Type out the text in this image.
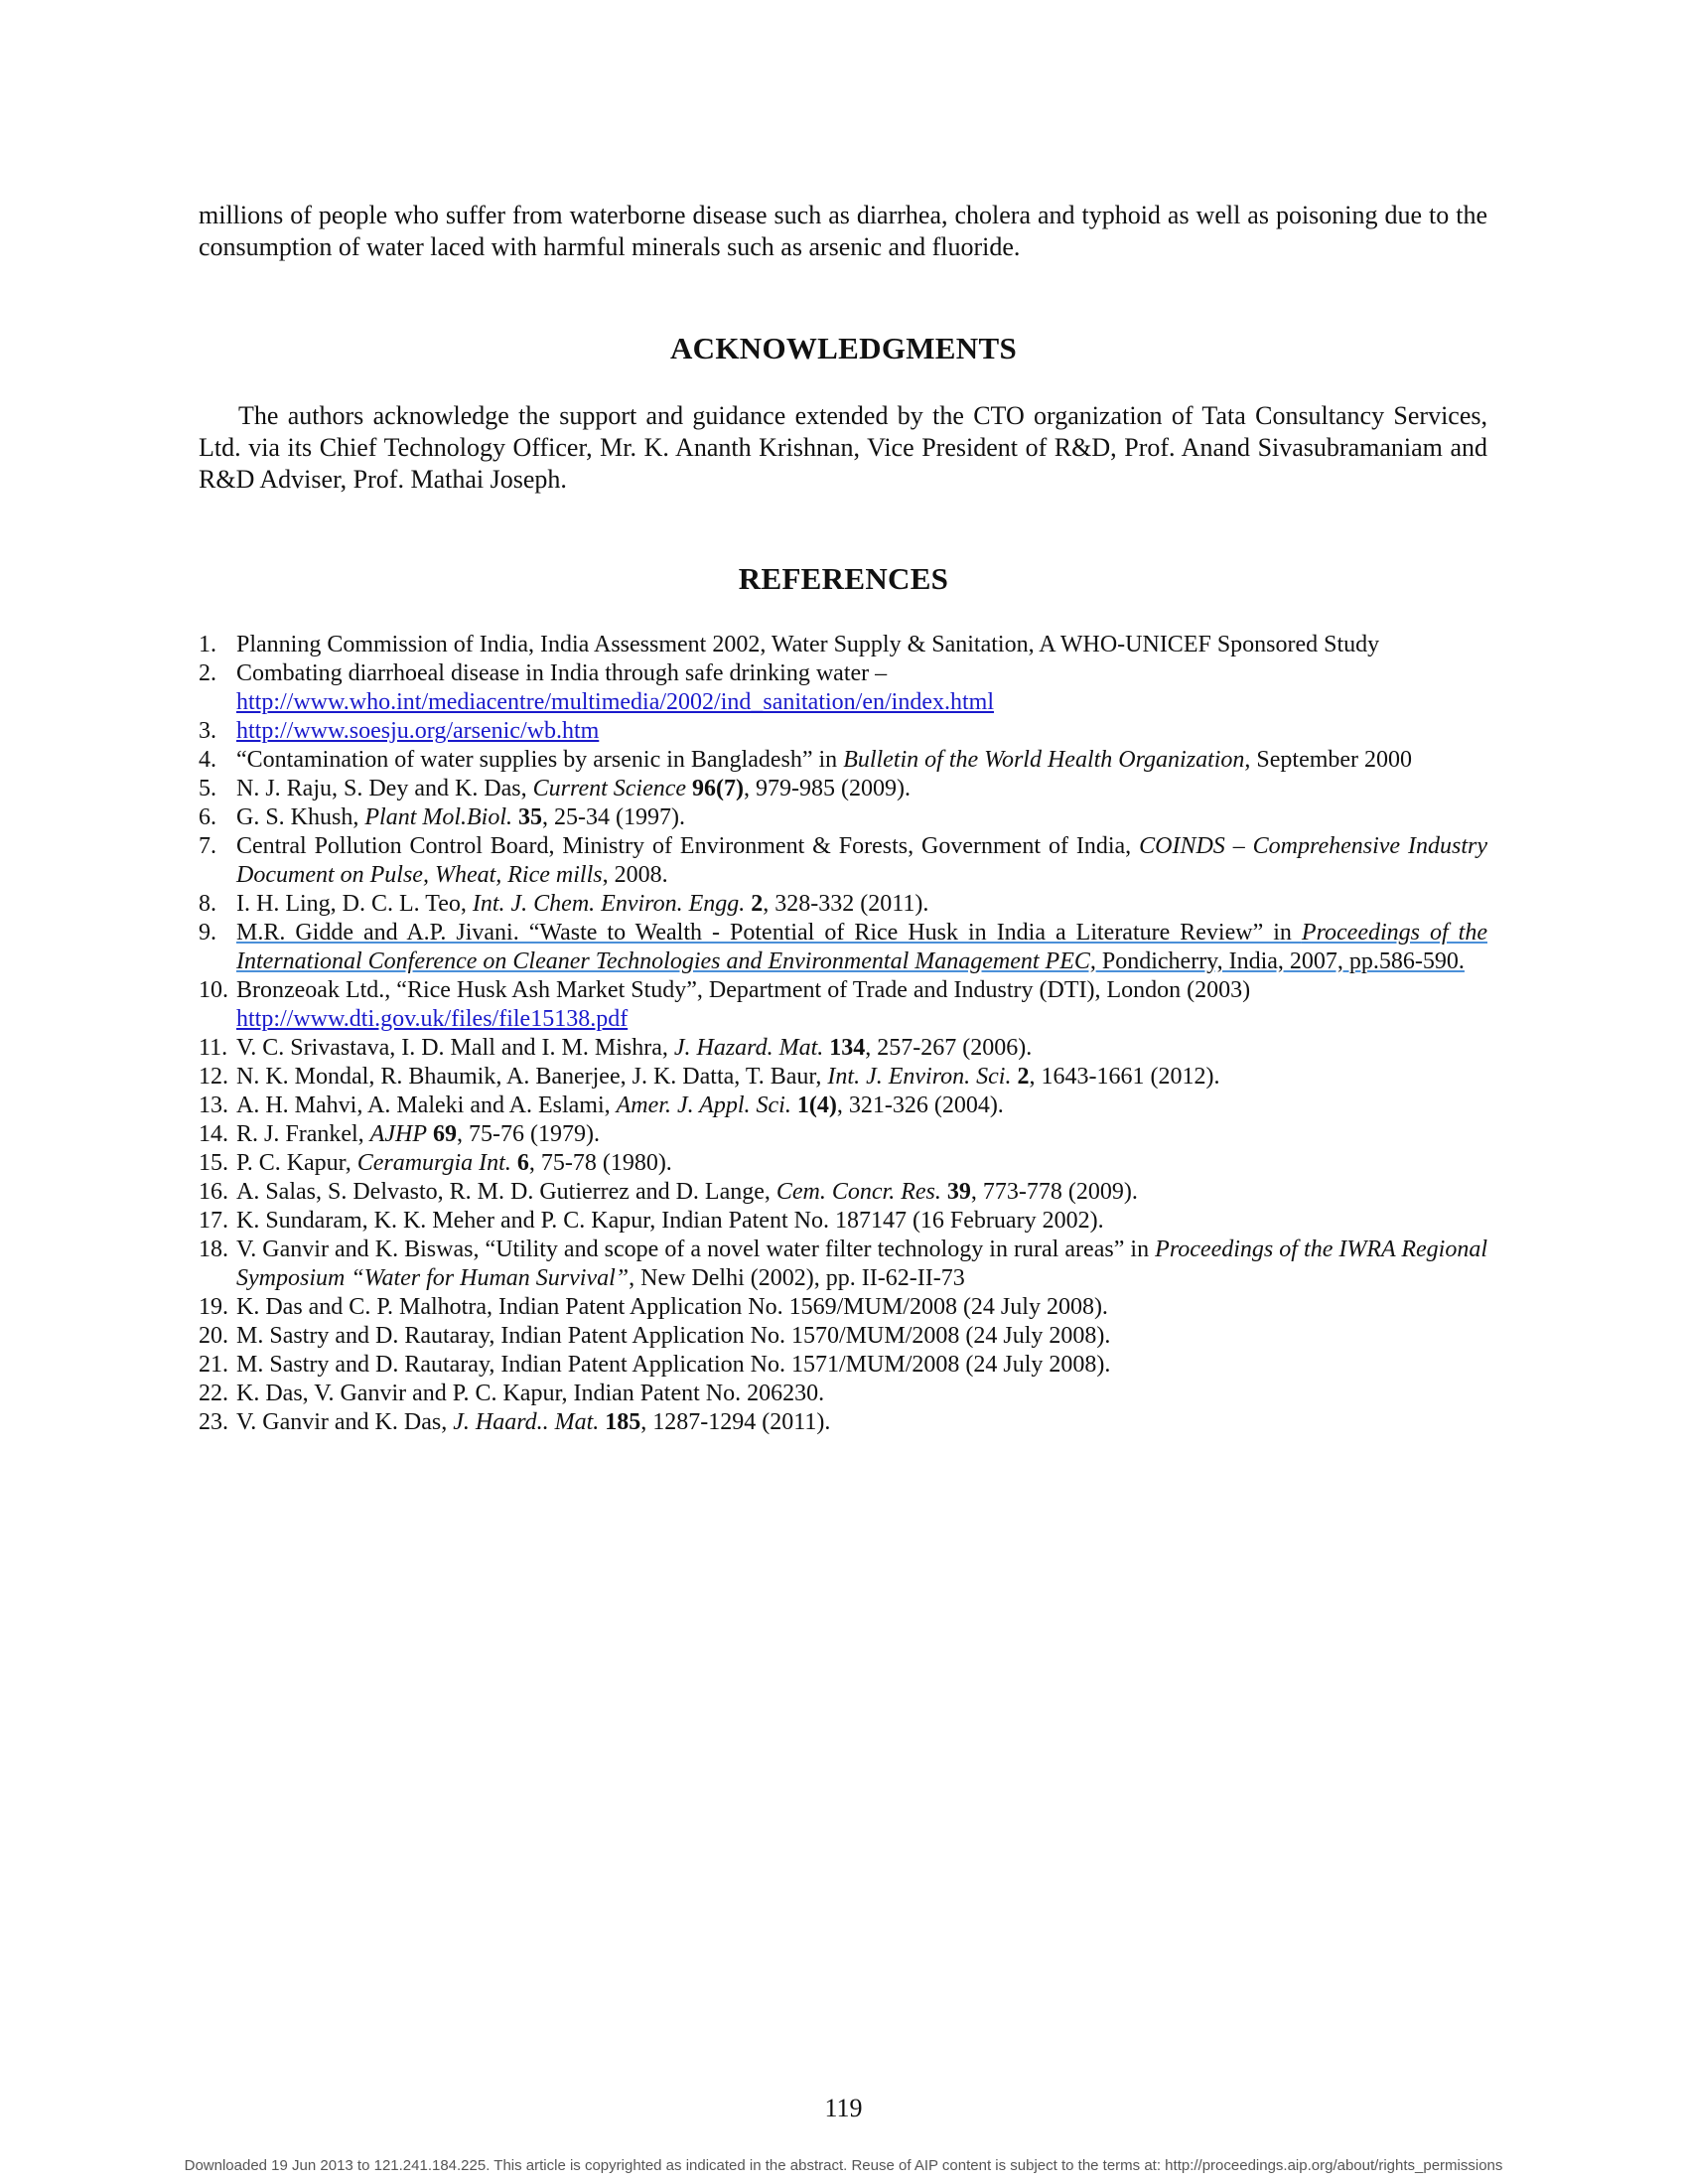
millions of people who suffer from waterborne disease such as diarrhea, cholera and typhoid as well as poisoning due to the consumption of water laced with harmful minerals such as arsenic and fluoride.

ACKNOWLEDGMENTS

The authors acknowledge the support and guidance extended by the CTO organization of Tata Consultancy Services, Ltd. via its Chief Technology Officer, Mr. K. Ananth Krishnan, Vice President of R&D, Prof. Anand Sivasubramaniam and R&D Adviser, Prof. Mathai Joseph.

REFERENCES
1. Planning Commission of India, India Assessment 2002, Water Supply & Sanitation, A WHO-UNICEF Sponsored Study
2. Combating diarrhoeal disease in India through safe drinking water –
http://www.who.int/mediacentre/multimedia/2002/ind_sanitation/en/index.html
3. http://www.soesju.org/arsenic/wb.htm
4. “Contamination of water supplies by arsenic in Bangladesh” in Bulletin of the World Health Organization, September 2000
5. N. J. Raju, S. Dey and K. Das, Current Science 96(7), 979-985 (2009).
6. G. S. Khush, Plant Mol.Biol. 35, 25-34 (1997).
7. Central Pollution Control Board, Ministry of Environment & Forests, Government of India, COINDS – Comprehensive Industry Document on Pulse, Wheat, Rice mills, 2008.
8. I. H. Ling, D. C. L. Teo, Int. J. Chem. Environ. Engg. 2, 328-332 (2011).
9. M.R. Gidde and A.P. Jivani. “Waste to Wealth - Potential of Rice Husk in India a Literature Review” in Proceedings of the International Conference on Cleaner Technologies and Environmental Management PEC, Pondicherry, India, 2007, pp.586-590.
10. Bronzeoak Ltd., “Rice Husk Ash Market Study”, Department of Trade and Industry (DTI), London (2003)
http://www.dti.gov.uk/files/file15138.pdf
11. V. C. Srivastava, I. D. Mall and I. M. Mishra, J. Hazard. Mat. 134, 257-267 (2006).
12. N. K. Mondal, R. Bhaumik, A. Banerjee, J. K. Datta, T. Baur, Int. J. Environ. Sci. 2, 1643-1661 (2012).
13. A. H. Mahvi, A. Maleki and A. Eslami, Amer. J. Appl. Sci. 1(4), 321-326 (2004).
14. R. J. Frankel, AJHP 69, 75-76 (1979).
15. P. C. Kapur, Ceramurgia Int. 6, 75-78 (1980).
16. A. Salas, S. Delvasto, R. M. D. Gutierrez and D. Lange, Cem. Concr. Res. 39, 773-778 (2009).
17. K. Sundaram, K. K. Meher and P. C. Kapur, Indian Patent No. 187147 (16 February 2002).
18. V. Ganvir and K. Biswas, “Utility and scope of a novel water filter technology in rural areas” in Proceedings of the IWRA Regional Symposium “Water for Human Survival”, New Delhi (2002), pp. II-62-II-73
19. K. Das and C. P. Malhotra, Indian Patent Application No. 1569/MUM/2008 (24 July 2008).
20. M. Sastry and D. Rautaray, Indian Patent Application No. 1570/MUM/2008 (24 July 2008).
21. M. Sastry and D. Rautaray, Indian Patent Application No. 1571/MUM/2008 (24 July 2008).
22. K. Das, V. Ganvir and P. C. Kapur, Indian Patent No. 206230.
23. V. Ganvir and K. Das, J. Haard.. Mat. 185, 1287-1294 (2011).

119

Downloaded 19 Jun 2013 to 121.241.184.225. This article is copyrighted as indicated in the abstract. Reuse of AIP content is subject to the terms at: http://proceedings.aip.org/about/rights_permissions
